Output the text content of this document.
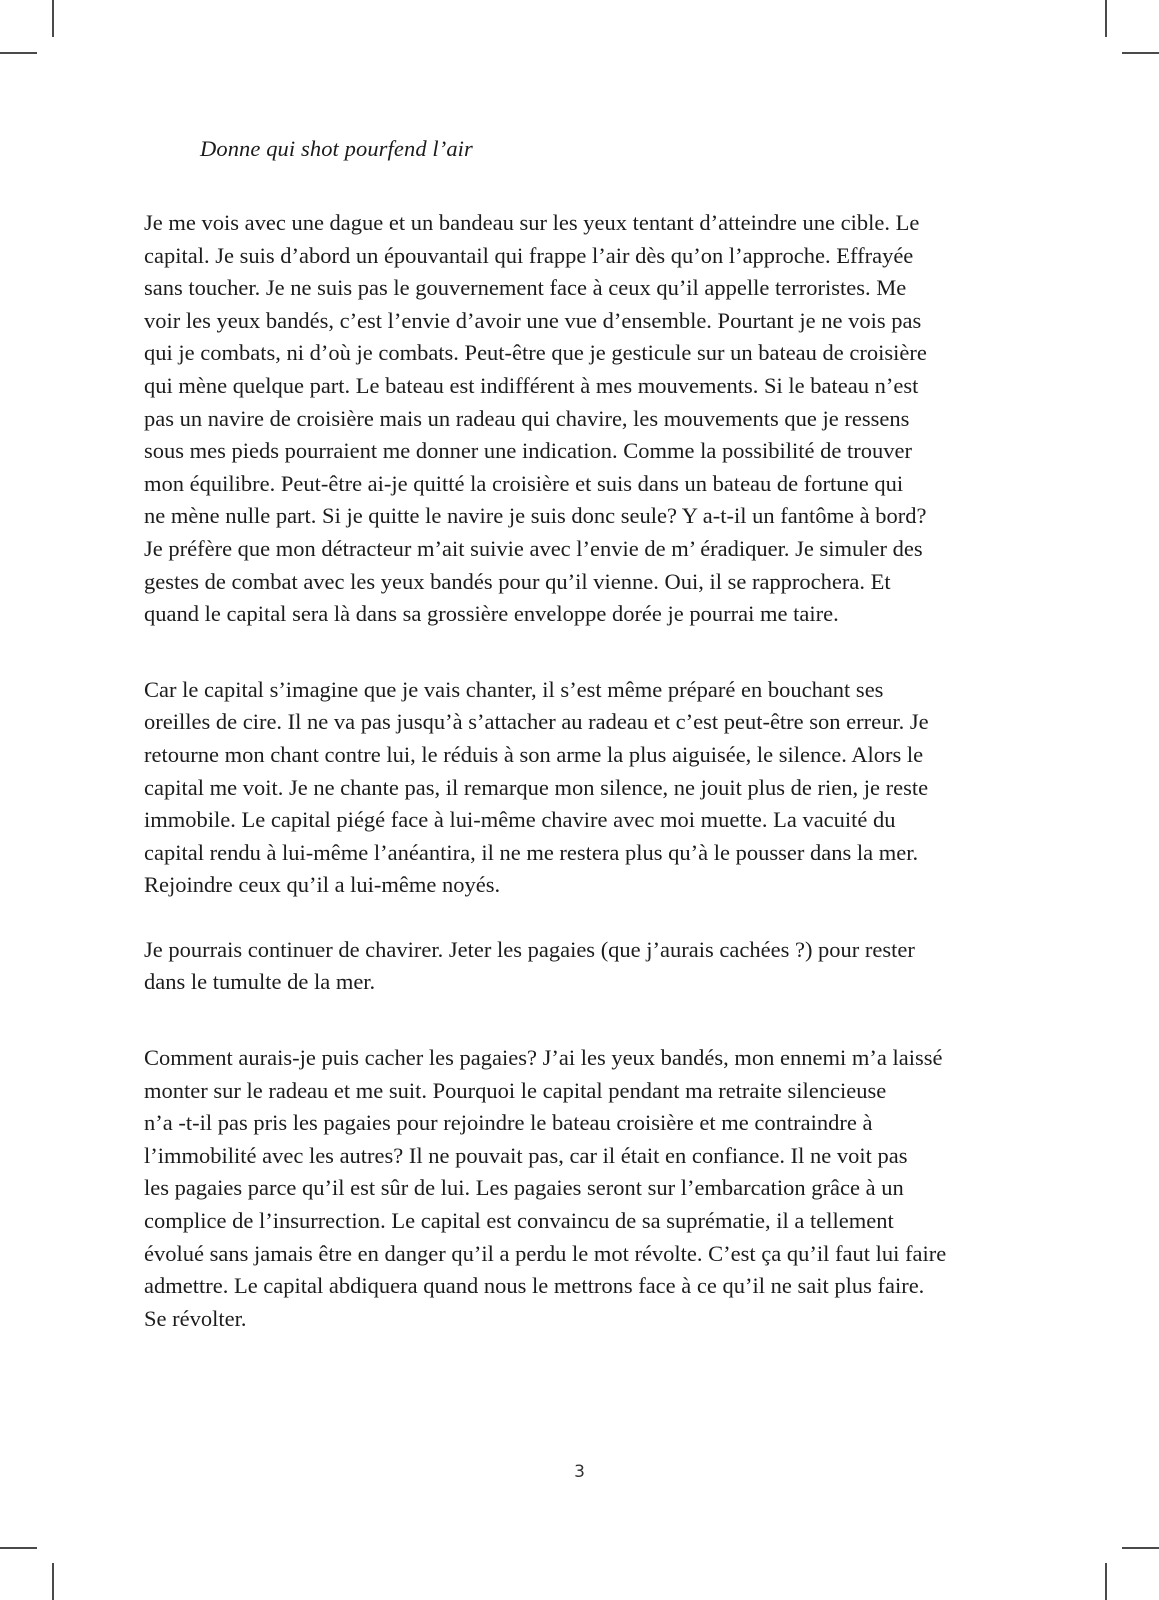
Donne qui shot pourfend l’air

Je me vois avec une dague et un bandeau sur les yeux tentant d’atteindre une cible. Le
capital. Je suis d’abord un épouvantail qui frappe l’air dès qu’on l’approche. Effrayée
sans toucher. Je ne suis pas le gouvernement face à ceux qu’il appelle terroristes. Me
voir les yeux bandés, c’est l’envie d’avoir une vue d’ensemble. Pourtant je ne vois pas
qui je combats, ni d’où je combats. Peut-être que je gesticule sur un bateau de croisière
qui mène quelque part. Le bateau est indifférent à mes mouvements. Si le bateau n’est
pas un navire de croisière mais un radeau qui chavire, les mouvements que je ressens
sous mes pieds pourraient me donner une indication. Comme la possibilité de trouver
mon équilibre. Peut-être ai-je quitté la croisière et suis dans un bateau de fortune qui
ne mène nulle part. Si je quitte le navire je suis donc seule? Y a-t-il un fantôme à bord?
Je préfère que mon détracteur m’ait suivie avec l’envie de m’ éradiquer. Je simuler des
gestes de combat avec les yeux bandés pour qu’il vienne. Oui, il se rapprochera. Et
quand le capital sera là dans sa grossière enveloppe dorée je pourrai me taire.

Car le capital s’imagine que je vais chanter, il s’est même préparé en bouchant ses
oreilles de cire. Il ne va pas jusqu’à s’attacher au radeau et c’est peut-être son erreur. Je
retourne mon chant contre lui, le réduis à son arme la plus aiguisée, le silence. Alors le
capital me voit. Je ne chante pas, il remarque mon silence, ne jouit plus de rien, je reste
immobile. Le capital piégé face à lui-même chavire avec moi muette. La vacuité du
capital rendu à lui-même l’anéantira, il ne me restera plus qu’à le pousser dans la mer.
Rejoindre ceux qu’il a lui-même noyés.

Je pourrais continuer de chavirer. Jeter les pagaies (que j’aurais cachées ?) pour rester
dans le tumulte de la mer.

Comment aurais-je puis cacher les pagaies? J’ai les yeux bandés, mon ennemi m’a laissé
monter sur le radeau et me suit. Pourquoi le capital pendant ma retraite silencieuse
n’a -t-il pas pris les pagaies pour rejoindre le bateau croisière et me contraindre à
l’immobilité avec les autres? Il ne pouvait pas, car il était en confiance. Il ne voit pas
les pagaies parce qu’il est sûr de lui. Les pagaies seront sur l’embarcation grâce à un
complice de l’insurrection. Le capital est convaincu de sa suprématie, il a tellement
évolué sans jamais être en danger qu’il a perdu le mot révolte. C’est ça qu’il faut lui faire
admettre. Le capital abdiquera quand nous le mettrons face à ce qu’il ne sait plus faire.
Se révolter.

3
